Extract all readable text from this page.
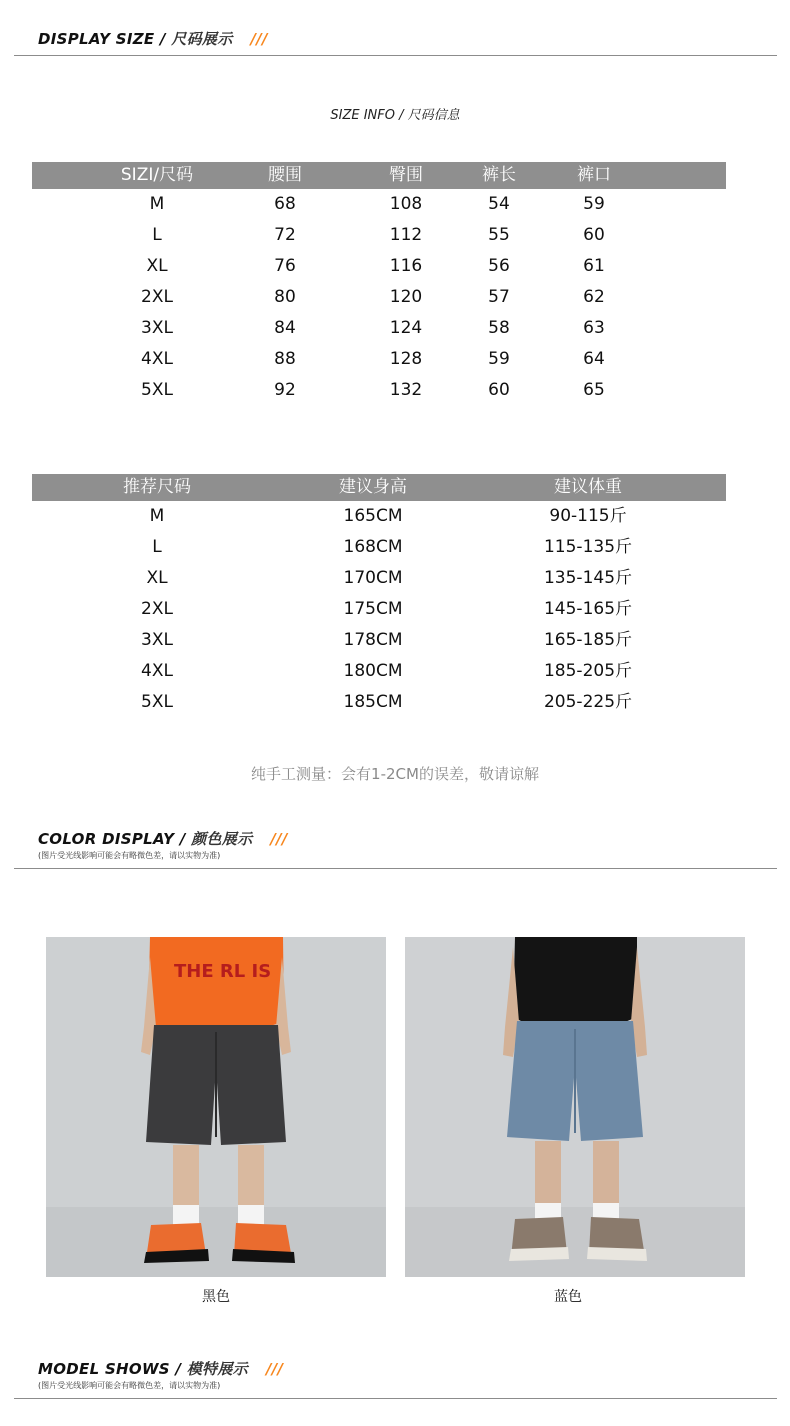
DISPLAY SIZE / 尺码展示 ///
SIZE INFO / 尺码信息
SIZI/尺码	腰围	臀围	裤长	裤口
M	68	108	54	59
L	72	112	55	60
XL	76	116	56	61
2XL	80	120	57	62
3XL	84	124	58	63
4XL	88	128	59	64
5XL	92	132	60	65
推荐尺码	建议身高	建议体重
M	165CM	90-115斤
L	168CM	115-135斤
XL	170CM	135-145斤
2XL	175CM	145-165斤
3XL	178CM	165-185斤
4XL	180CM	185-205斤
5XL	185CM	205-225斤
纯手工测量：会有1-2CM的误差，敬请谅解
COLOR DISPLAY / 颜色展示 ///
(图片受光线影响可能会有略微色差，请以实物为准)
THE RL IS
黑色	蓝色
MODEL SHOWS / 模特展示 ///
(图片受光线影响可能会有略微色差，请以实物为准)
